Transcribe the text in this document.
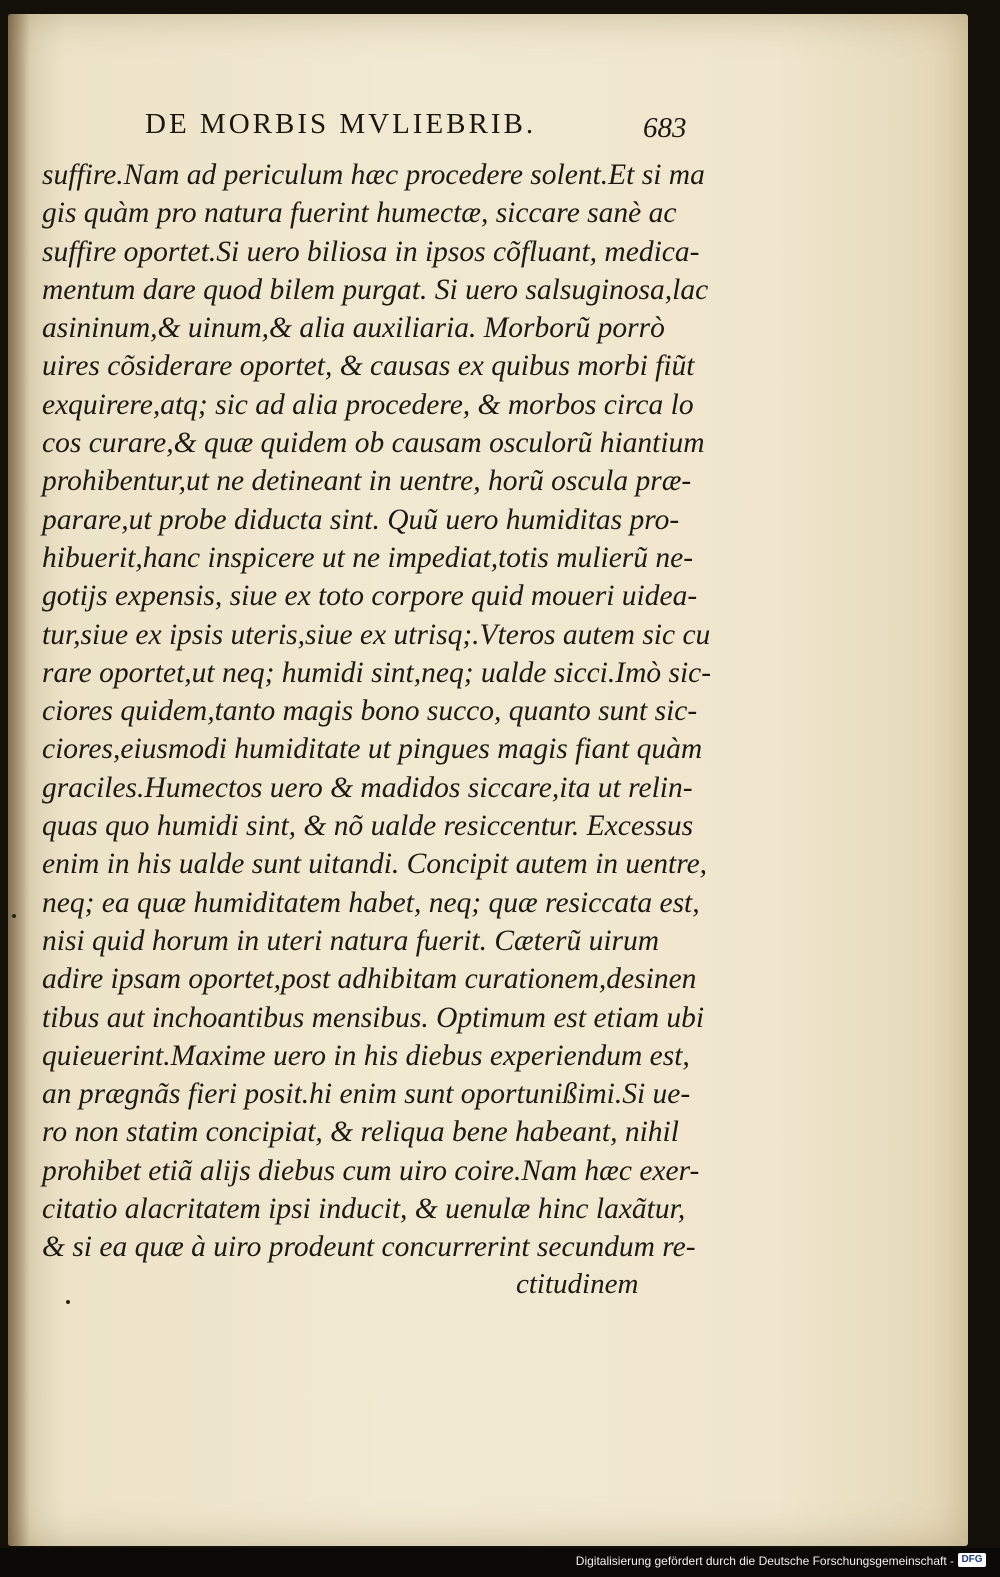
DE MORBIS MVLIEBRIB.	683
suffire.Nam ad periculum hæc procedere solent.Et si ma
gis quàm pro natura fuerint humectæ, siccare sanè ac
suffire oportet.Si uero biliosa in ipsos cõfluant, medica-
mentum dare quod bilem purgat. Si uero salsuginosa,lac
asininum,& uinum,& alia auxiliaria. Morborũ porrò
uires cõsiderare oportet, & causas ex quibus morbi fiũt
exquirere,atq; sic ad alia procedere, & morbos circa lo
cos curare,& quæ quidem ob causam osculorũ hiantium
prohibentur,ut ne detineant in uentre, horũ oscula præ-
parare,ut probe diducta sint. Quũ uero humiditas pro-
hibuerit,hanc inspicere ut ne impediat,totis mulierũ ne-
gotijs expensis, siue ex toto corpore quid moueri uidea-
tur,siue ex ipsis uteris,siue ex utrisq;.Vteros autem sic cu
rare oportet,ut neq; humidi sint,neq; ualde sicci.Imò sic-
ciores quidem,tanto magis bono succo, quanto sunt sic-
ciores,eiusmodi humiditate ut pingues magis fiant quàm
graciles.Humectos uero & madidos siccare,ita ut relin-
quas quo humidi sint, & nõ ualde resiccentur. Excessus
enim in his ualde sunt uitandi. Concipit autem in uentre,
neq; ea quæ humiditatem habet, neq; quæ resiccata est,
nisi quid horum in uteri natura fuerit. Cæterũ uirum
adire ipsam oportet,post adhibitam curationem,desinen
tibus aut inchoantibus mensibus. Optimum est etiam ubi
quieuerint.Maxime uero in his diebus experiendum est,
an prægnãs fieri posit.hi enim sunt oportunißimi.Si ue-
ro non statim concipiat, & reliqua bene habeant, nihil
prohibet etiã alijs diebus cum uiro coire.Nam hæc exer-
citatio alacritatem ipsi inducit, & uenulæ hinc laxãtur,
& si ea quæ à uiro prodeunt concurrerint secundum re-
ctitudinem
Digitalisierung gefördert durch die Deutsche Forschungsgemeinschaft - DFG
